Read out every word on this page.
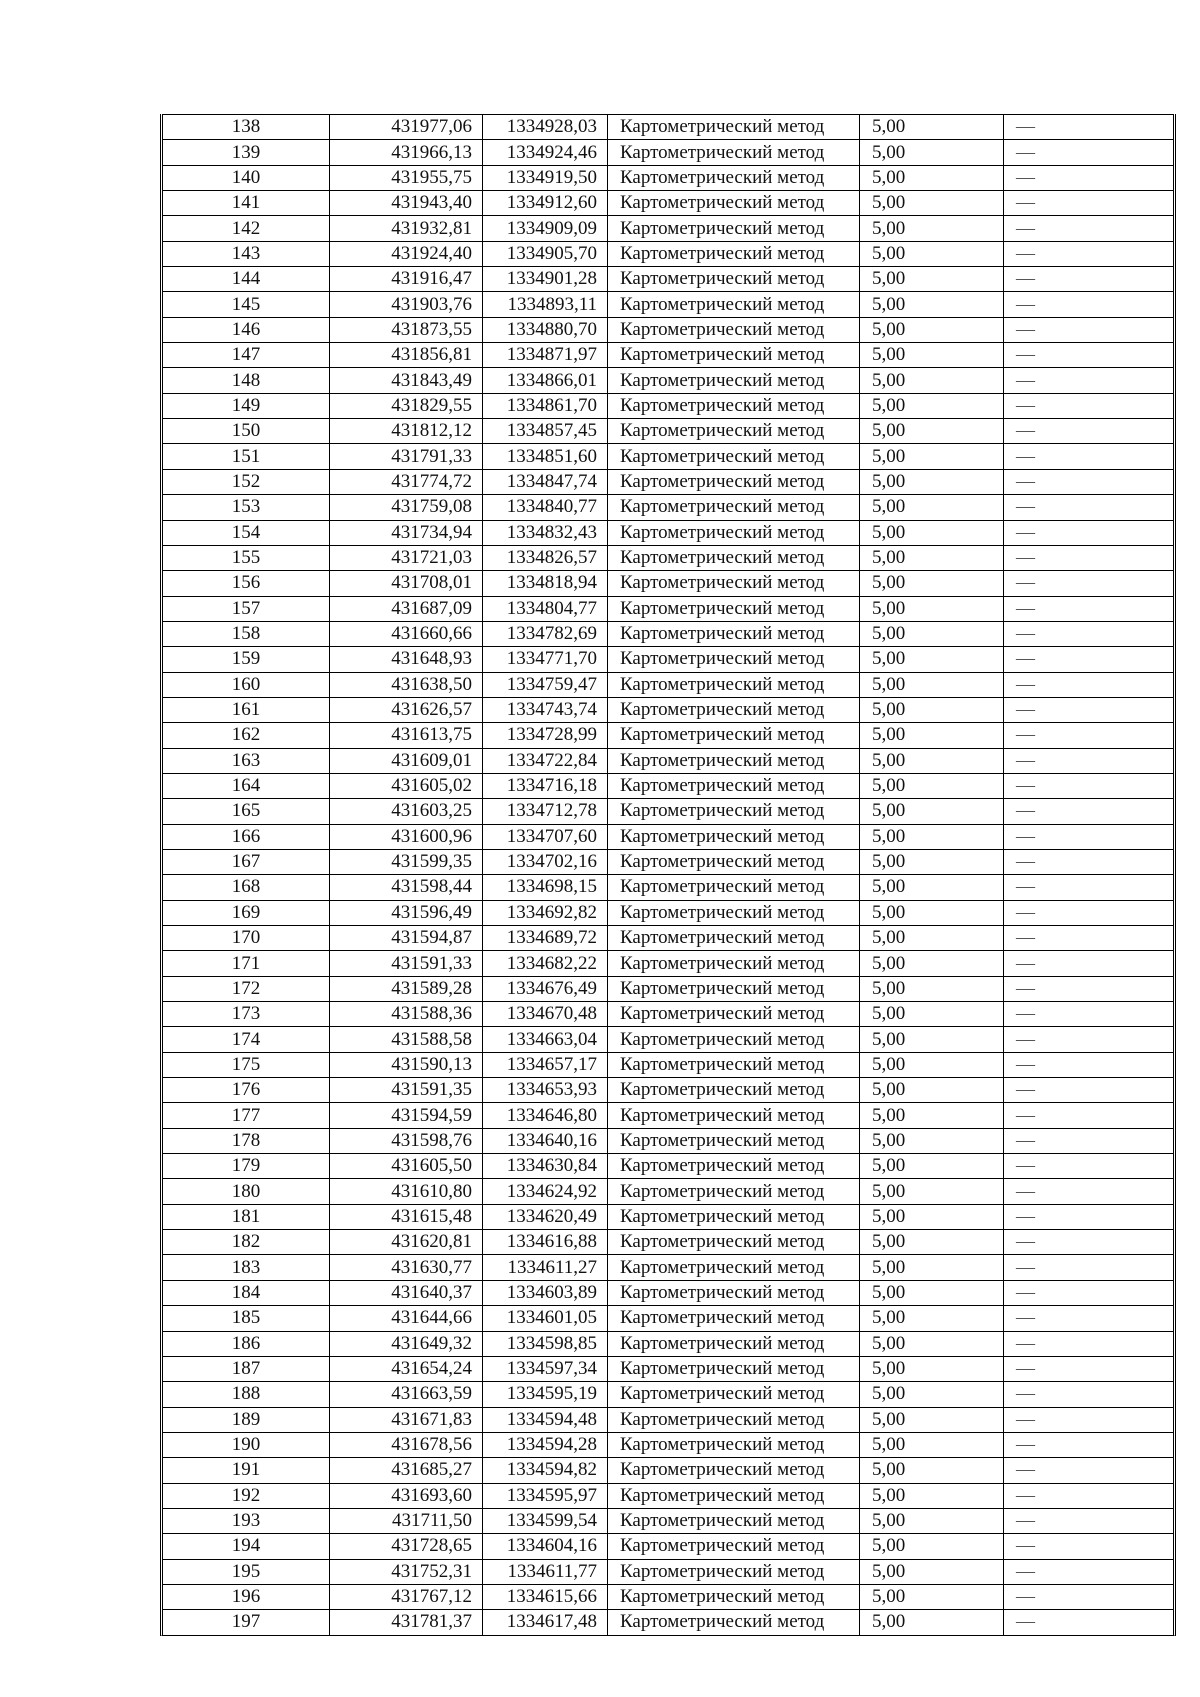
138	431977,06	1334928,03	Картометрический метод	5,00	—
139	431966,13	1334924,46	Картометрический метод	5,00	—
140	431955,75	1334919,50	Картометрический метод	5,00	—
141	431943,40	1334912,60	Картометрический метод	5,00	—
142	431932,81	1334909,09	Картометрический метод	5,00	—
143	431924,40	1334905,70	Картометрический метод	5,00	—
144	431916,47	1334901,28	Картометрический метод	5,00	—
145	431903,76	1334893,11	Картометрический метод	5,00	—
146	431873,55	1334880,70	Картометрический метод	5,00	—
147	431856,81	1334871,97	Картометрический метод	5,00	—
148	431843,49	1334866,01	Картометрический метод	5,00	—
149	431829,55	1334861,70	Картометрический метод	5,00	—
150	431812,12	1334857,45	Картометрический метод	5,00	—
151	431791,33	1334851,60	Картометрический метод	5,00	—
152	431774,72	1334847,74	Картометрический метод	5,00	—
153	431759,08	1334840,77	Картометрический метод	5,00	—
154	431734,94	1334832,43	Картометрический метод	5,00	—
155	431721,03	1334826,57	Картометрический метод	5,00	—
156	431708,01	1334818,94	Картометрический метод	5,00	—
157	431687,09	1334804,77	Картометрический метод	5,00	—
158	431660,66	1334782,69	Картометрический метод	5,00	—
159	431648,93	1334771,70	Картометрический метод	5,00	—
160	431638,50	1334759,47	Картометрический метод	5,00	—
161	431626,57	1334743,74	Картометрический метод	5,00	—
162	431613,75	1334728,99	Картометрический метод	5,00	—
163	431609,01	1334722,84	Картометрический метод	5,00	—
164	431605,02	1334716,18	Картометрический метод	5,00	—
165	431603,25	1334712,78	Картометрический метод	5,00	—
166	431600,96	1334707,60	Картометрический метод	5,00	—
167	431599,35	1334702,16	Картометрический метод	5,00	—
168	431598,44	1334698,15	Картометрический метод	5,00	—
169	431596,49	1334692,82	Картометрический метод	5,00	—
170	431594,87	1334689,72	Картометрический метод	5,00	—
171	431591,33	1334682,22	Картометрический метод	5,00	—
172	431589,28	1334676,49	Картометрический метод	5,00	—
173	431588,36	1334670,48	Картометрический метод	5,00	—
174	431588,58	1334663,04	Картометрический метод	5,00	—
175	431590,13	1334657,17	Картометрический метод	5,00	—
176	431591,35	1334653,93	Картометрический метод	5,00	—
177	431594,59	1334646,80	Картометрический метод	5,00	—
178	431598,76	1334640,16	Картометрический метод	5,00	—
179	431605,50	1334630,84	Картометрический метод	5,00	—
180	431610,80	1334624,92	Картометрический метод	5,00	—
181	431615,48	1334620,49	Картометрический метод	5,00	—
182	431620,81	1334616,88	Картометрический метод	5,00	—
183	431630,77	1334611,27	Картометрический метод	5,00	—
184	431640,37	1334603,89	Картометрический метод	5,00	—
185	431644,66	1334601,05	Картометрический метод	5,00	—
186	431649,32	1334598,85	Картометрический метод	5,00	—
187	431654,24	1334597,34	Картометрический метод	5,00	—
188	431663,59	1334595,19	Картометрический метод	5,00	—
189	431671,83	1334594,48	Картометрический метод	5,00	—
190	431678,56	1334594,28	Картометрический метод	5,00	—
191	431685,27	1334594,82	Картометрический метод	5,00	—
192	431693,60	1334595,97	Картометрический метод	5,00	—
193	431711,50	1334599,54	Картометрический метод	5,00	—
194	431728,65	1334604,16	Картометрический метод	5,00	—
195	431752,31	1334611,77	Картометрический метод	5,00	—
196	431767,12	1334615,66	Картометрический метод	5,00	—
197	431781,37	1334617,48	Картометрический метод	5,00	—
